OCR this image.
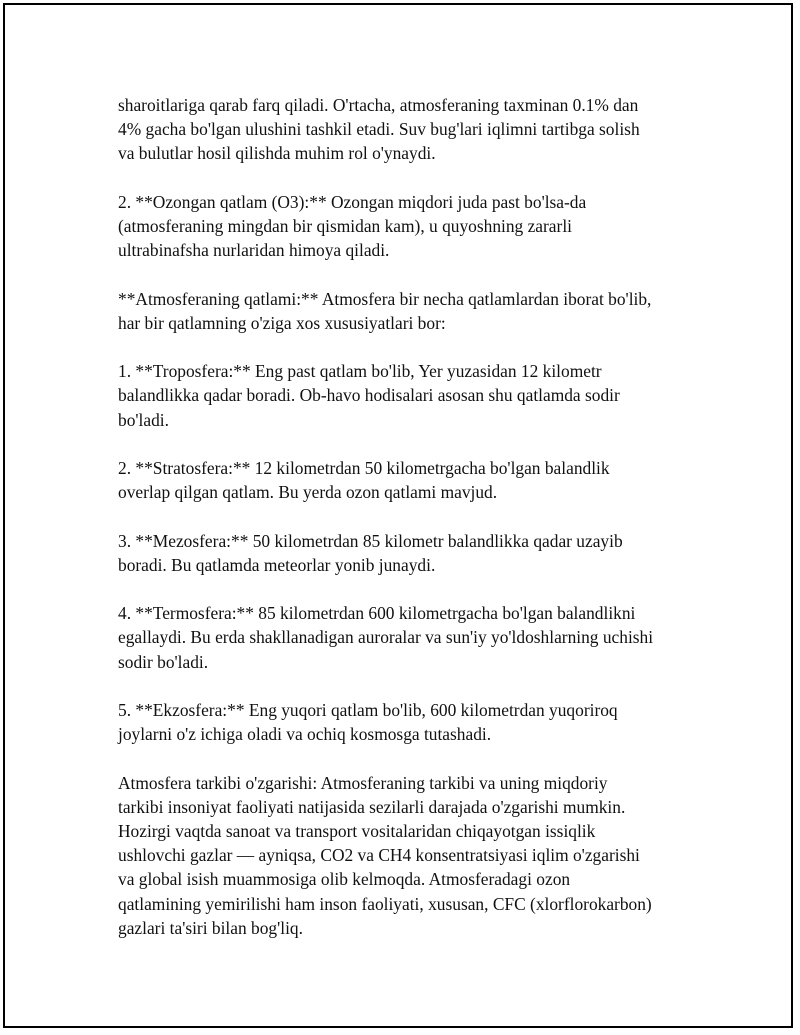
sharoitlariga qarab farq qiladi. O'rtacha, atmosferaning taxminan 0.1% dan
4% gacha bo'lgan ulushini tashkil etadi. Suv bug'lari iqlimni tartibga solish
va bulutlar hosil qilishda muhim rol o'ynaydi.

2. **Ozongan qatlam (O3):** Ozongan miqdori juda past bo'lsa-da
(atmosferaning mingdan bir qismidan kam), u quyoshning zararli
ultrabinafsha nurlaridan himoya qiladi.

**Atmosferaning qatlami:** Atmosfera bir necha qatlamlardan iborat bo'lib,
har bir qatlamning o'ziga xos xususiyatlari bor:

1. **Troposfera:** Eng past qatlam bo'lib, Yer yuzasidan 12 kilometr
balandlikka qadar boradi. Ob-havo hodisalari asosan shu qatlamda sodir
bo'ladi.

2. **Stratosfera:** 12 kilometrdan 50 kilometrgacha bo'lgan balandlik
overlap qilgan qatlam. Bu yerda ozon qatlami mavjud.

3. **Mezosfera:** 50 kilometrdan 85 kilometr balandlikka qadar uzayib
boradi. Bu qatlamda meteorlar yonib junaydi.

4. **Termosfera:** 85 kilometrdan 600 kilometrgacha bo'lgan balandlikni
egallaydi. Bu erda shakllanadigan auroralar va sun'iy yo'ldoshlarning uchishi
sodir bo'ladi.

5. **Ekzosfera:** Eng yuqori qatlam bo'lib, 600 kilometrdan yuqoriroq
joylarni o'z ichiga oladi va ochiq kosmosga tutashadi.

Atmosfera tarkibi o'zgarishi: Atmosferaning tarkibi va uning miqdoriy
tarkibi insoniyat faoliyati natijasida sezilarli darajada o'zgarishi mumkin.
Hozirgi vaqtda sanoat va transport vositalaridan chiqayotgan issiqlik
ushlovchi gazlar — ayniqsa, CO2 va CH4 konsentratsiyasi iqlim o'zgarishi
va global isish muammosiga olib kelmoqda. Atmosferadagi ozon
qatlamining yemirilishi ham inson faoliyati, xususan, CFC (xlorflorokarbon)
gazlari ta'siri bilan bog'liq.
